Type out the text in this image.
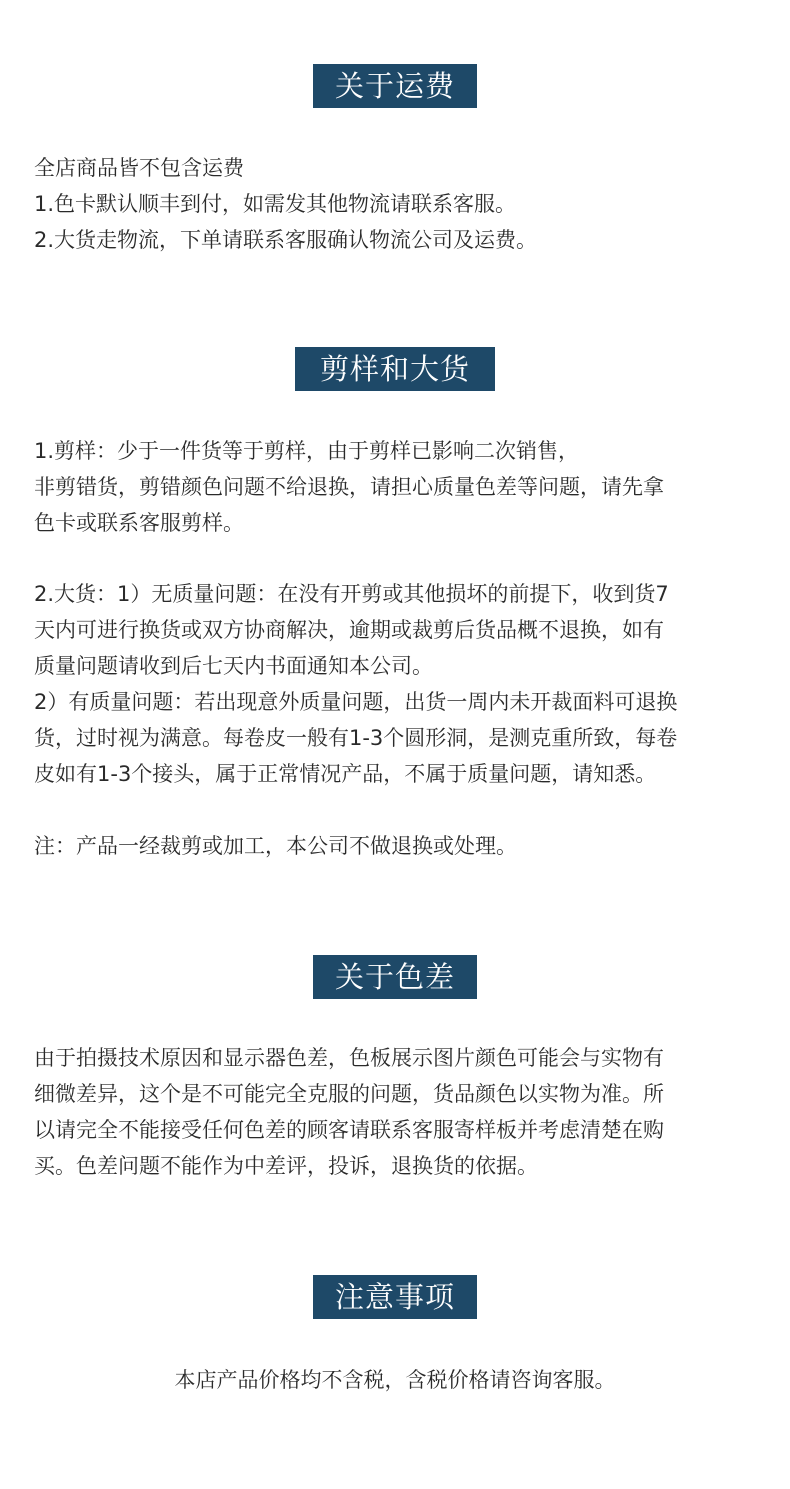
关于运费

全店商品皆不包含运费
1.色卡默认顺丰到付，如需发其他物流请联系客服。
2.大货走物流，下单请联系客服确认物流公司及运费。

剪样和大货

1.剪样：少于一件货等于剪样，由于剪样已影响二次销售，
非剪错货，剪错颜色问题不给退换，请担心质量色差等问题，请先拿
色卡或联系客服剪样。

2.大货：1）无质量问题：在没有开剪或其他损坏的前提下，收到货7
天内可进行换货或双方协商解决，逾期或裁剪后货品概不退换，如有
质量问题请收到后七天内书面通知本公司。
2）有质量问题：若出现意外质量问题，出货一周内未开裁面料可退换
货，过时视为满意。每卷皮一般有1-3个圆形洞，是测克重所致，每卷
皮如有1-3个接头，属于正常情况产品，不属于质量问题，请知悉。

注：产品一经裁剪或加工，本公司不做退换或处理。

关于色差

由于拍摄技术原因和显示器色差，色板展示图片颜色可能会与实物有
细微差异，这个是不可能完全克服的问题，货品颜色以实物为准。所
以请完全不能接受任何色差的顾客请联系客服寄样板并考虑清楚在购
买。色差问题不能作为中差评，投诉，退换货的依据。

注意事项

本店产品价格均不含税，含税价格请咨询客服。
